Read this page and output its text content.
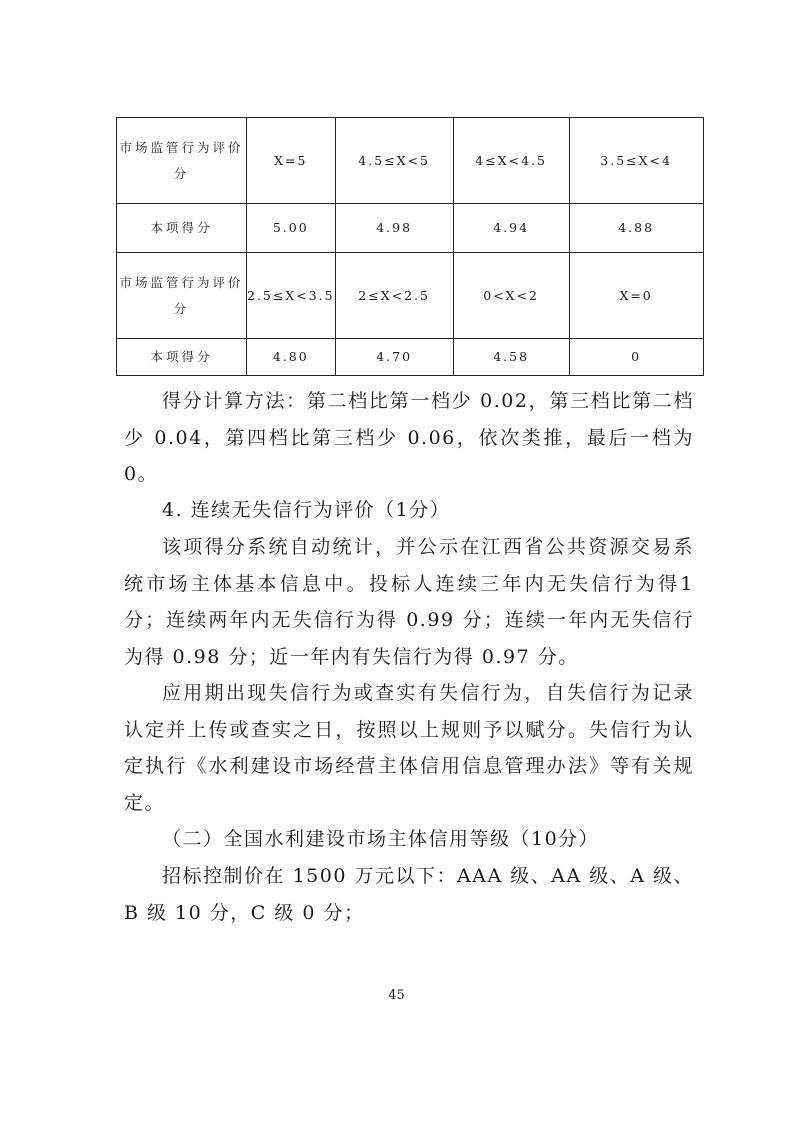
市场监管行为评价分	X=5	4.5≤X<5	4≤X<4.5	3.5≤X<4
本项得分	5.00	4.98	4.94	4.88
市场监管行为评价分	2.5≤X<3.5	2≤X<2.5	0<X<2	X=0
本项得分	4.80	4.70	4.58	0

得分计算方法：第二档比第一档少 0.02，第三档比第二档少 0.04，第四档比第三档少 0.06，依次类推，最后一档为0。

4. 连续无失信行为评价（1分）

该项得分系统自动统计，并公示在江西省公共资源交易系统市场主体基本信息中。投标人连续三年内无失信行为得1 分；连续两年内无失信行为得 0.99 分；连续一年内无失信行为得 0.98 分；近一年内有失信行为得 0.97 分。

应用期出现失信行为或查实有失信行为，自失信行为记录认定并上传或查实之日，按照以上规则予以赋分。失信行为认定执行《水利建设市场经营主体信用信息管理办法》等有关规定。

（二）全国水利建设市场主体信用等级（10分）

招标控制价在 1500 万元以下：AAA 级、AA 级、A 级、B 级 10 分，C 级 0 分；

45
